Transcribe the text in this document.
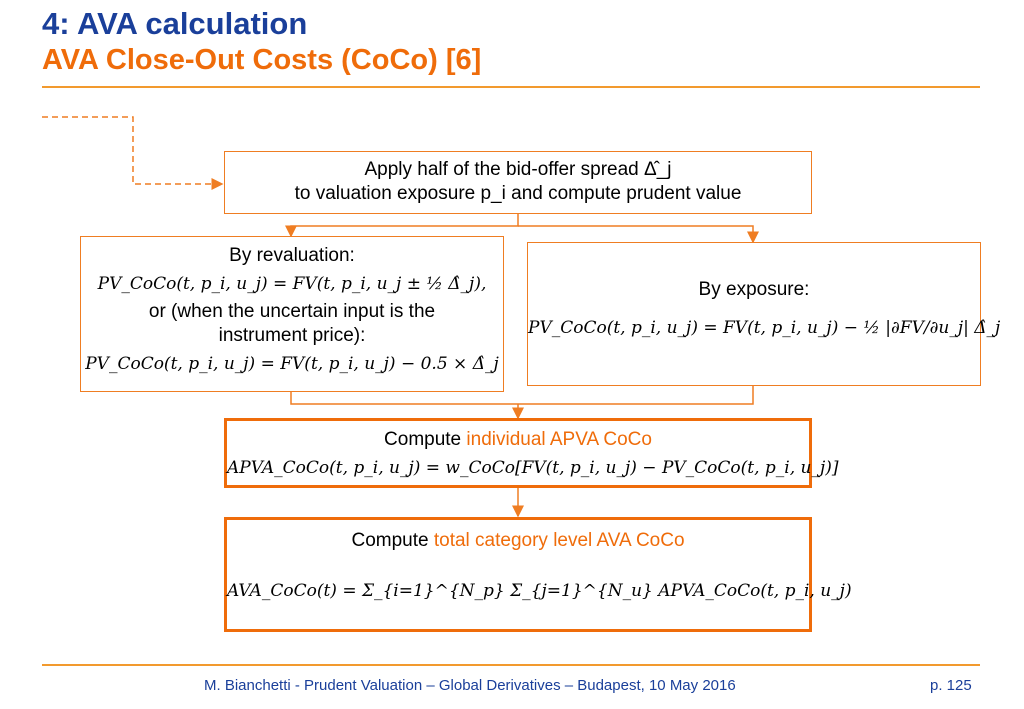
4: AVA calculation
AVA Close-Out Costs (CoCo) [6]
Apply half of the bid-offer spread Δ̂_j
to valuation exposure p_i and compute prudent value
By revaluation:
PV_CoCo(t, p_i, u_j) = FV(t, p_i, u_j ± ½ Δ̂_j),
or (when the uncertain input is the
instrument price):
PV_CoCo(t, p_i, u_j) = FV(t, p_i, u_j) − 0.5 × Δ̂_j
By exposure:
PV_CoCo(t, p_i, u_j) = FV(t, p_i, u_j) − ½ |∂FV/∂u_j| Δ̂_j
Compute individual APVA CoCo
APVA_CoCo(t, p_i, u_j) = w_CoCo[FV(t, p_i, u_j) − PV_CoCo(t, p_i, u_j)]
Compute total category level AVA CoCo
AVA_CoCo(t) = Σ_{i=1}^{N_p} Σ_{j=1}^{N_u} APVA_CoCo(t, p_i, u_j)
M. Bianchetti - Prudent Valuation – Global Derivatives – Budapest, 10 May 2016	p. 125
